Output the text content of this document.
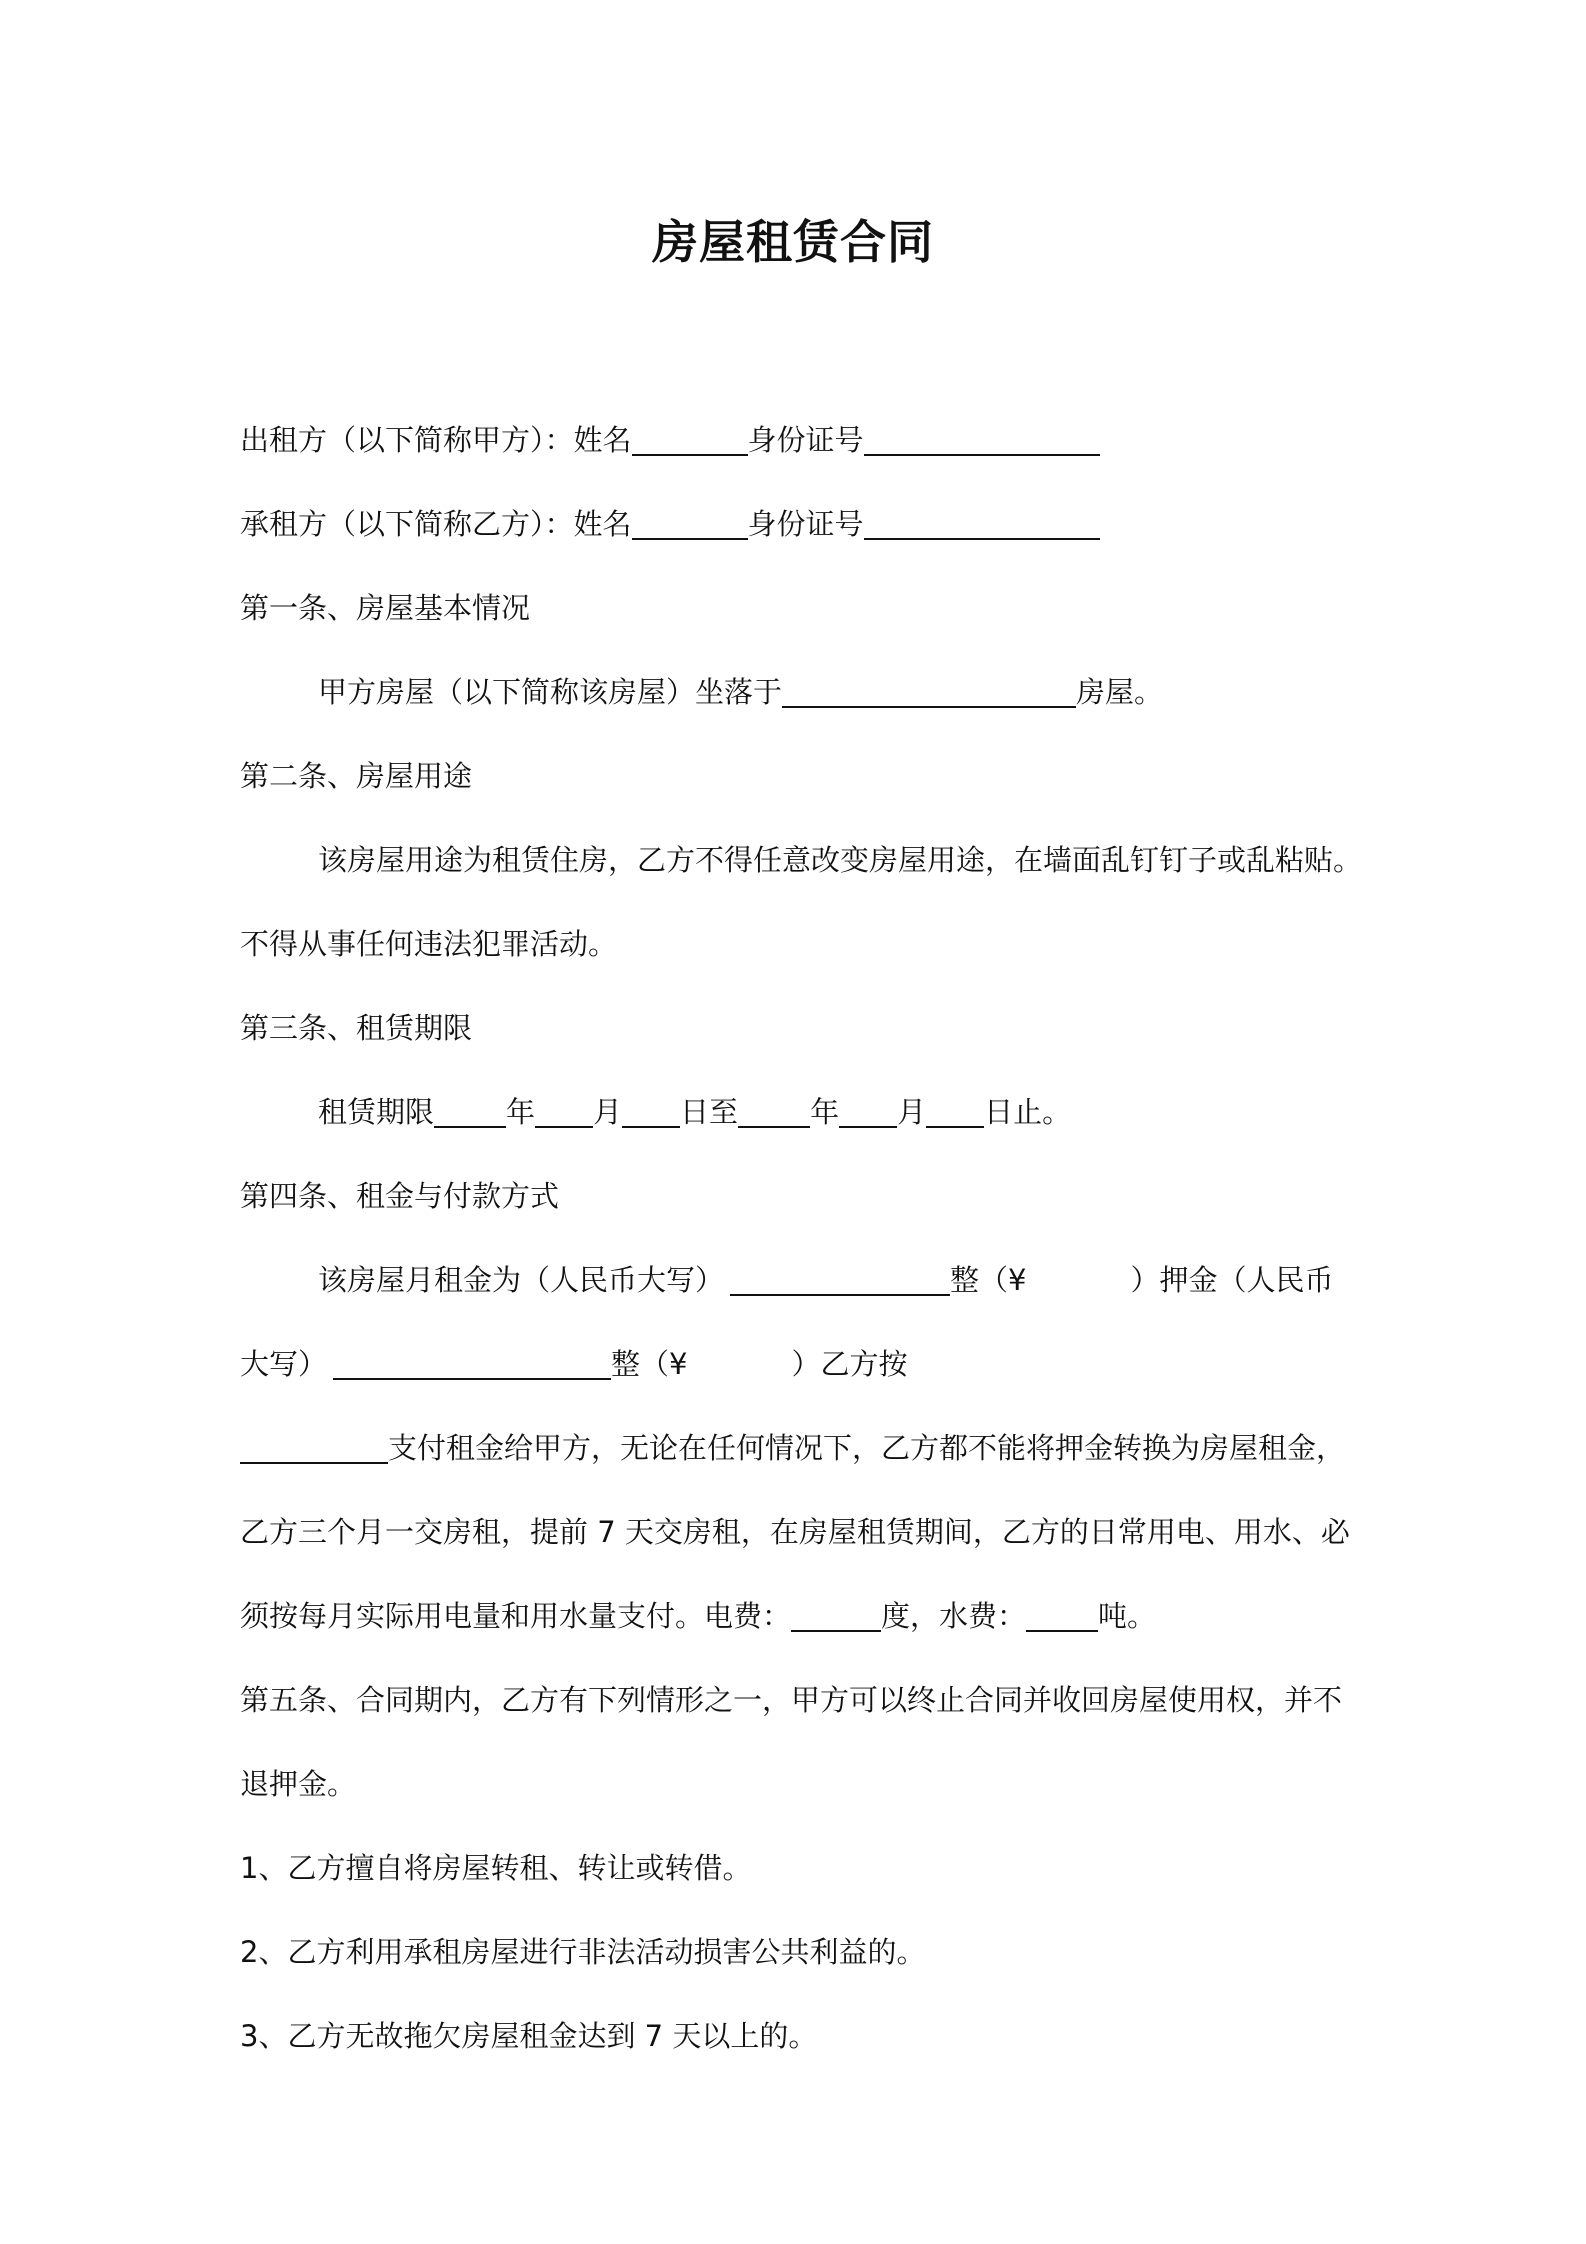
房屋租赁合同
出租方（以下简称甲方）：姓名	身份证号
承租方（以下简称乙方）：姓名	身份证号
第一条、房屋基本情况
甲方房屋（以下简称该房屋）坐落于	房屋。
第二条、房屋用途
该房屋用途为租赁住房，乙方不得任意改变房屋用途，在墙面乱钉钉子或乱粘贴。
不得从事任何违法犯罪活动。
第三条、租赁期限
租赁期限 年 月 日至 年 月 日止。
第四条、租金与付款方式
该房屋月租金为（人民币大写）	整（¥	）押金（人民币
大写）	整（¥	）乙方按
支付租金给甲方，无论在任何情况下，乙方都不能将押金转换为房屋租金，
乙方三个月一交房租，提前 7 天交房租，在房屋租赁期间，乙方的日常用电、用水、必
须按每月实际用电量和用水量支付。电费：	度，水费： 吨。
第五条、合同期内，乙方有下列情形之一，甲方可以终止合同并收回房屋使用权，并不
退押金。
1、乙方擅自将房屋转租、转让或转借。
2、乙方利用承租房屋进行非法活动损害公共利益的。
3、乙方无故拖欠房屋租金达到 7 天以上的。
